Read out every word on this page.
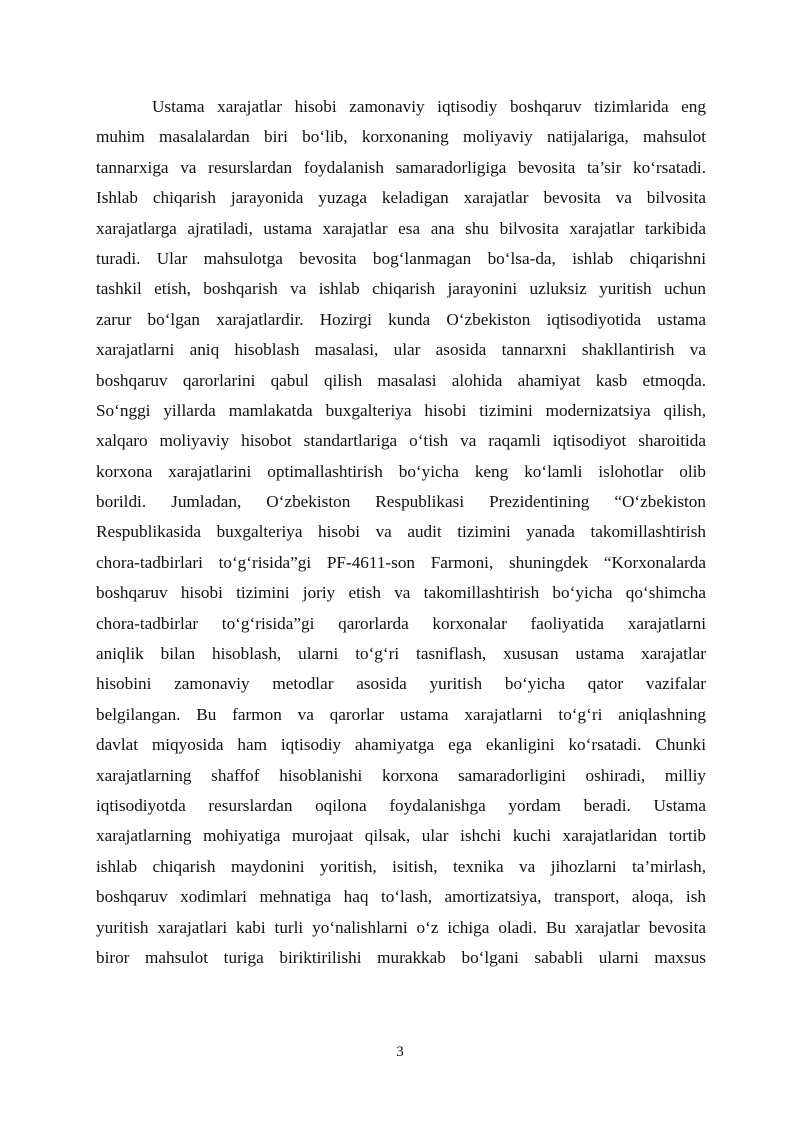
Ustama xarajatlar hisobi zamonaviy iqtisodiy boshqaruv tizimlarida eng
muhim masalalardan biri bo‘lib, korxonaning moliyaviy natijalariga, mahsulot
tannarxiga va resurslardan foydalanish samaradorligiga bevosita ta’sir ko‘rsatadi.
Ishlab chiqarish jarayonida yuzaga keladigan xarajatlar bevosita va bilvosita
xarajatlarga ajratiladi, ustama xarajatlar esa ana shu bilvosita xarajatlar tarkibida
turadi. Ular mahsulotga bevosita bog‘lanmagan bo‘lsa-da, ishlab chiqarishni
tashkil etish, boshqarish va ishlab chiqarish jarayonini uzluksiz yuritish uchun
zarur bo‘lgan xarajatlardir. Hozirgi kunda O‘zbekiston iqtisodiyotida ustama
xarajatlarni aniq hisoblash masalasi, ular asosida tannarxni shakllantirish va
boshqaruv qarorlarini qabul qilish masalasi alohida ahamiyat kasb etmoqda.
So‘nggi yillarda mamlakatda buxgalteriya hisobi tizimini modernizatsiya qilish,
xalqaro moliyaviy hisobot standartlariga o‘tish va raqamli iqtisodiyot sharoitida
korxona xarajatlarini optimallashtirish bo‘yicha keng ko‘lamli islohotlar olib
borildi. Jumladan, O‘zbekiston Respublikasi Prezidentining “O‘zbekiston
Respublikasida buxgalteriya hisobi va audit tizimini yanada takomillashtirish
chora-tadbirlari to‘g‘risida”gi PF-4611-son Farmoni, shuningdek “Korxonalarda
boshqaruv hisobi tizimini joriy etish va takomillashtirish bo‘yicha qo‘shimcha
chora-tadbirlar to‘g‘risida”gi qarorlarda korxonalar faoliyatida xarajatlarni
aniqlik bilan hisoblash, ularni to‘g‘ri tasniflash, xususan ustama xarajatlar
hisobini zamonaviy metodlar asosida yuritish bo‘yicha qator vazifalar
belgilangan. Bu farmon va qarorlar ustama xarajatlarni to‘g‘ri aniqlashning
davlat miqyosida ham iqtisodiy ahamiyatga ega ekanligini ko‘rsatadi. Chunki
xarajatlarning shaffof hisoblanishi korxona samaradorligini oshiradi, milliy
iqtisodiyotda resurslardan oqilona foydalanishga yordam beradi. Ustama
xarajatlarning mohiyatiga murojaat qilsak, ular ishchi kuchi xarajatlaridan tortib
ishlab chiqarish maydonini yoritish, isitish, texnika va jihozlarni ta’mirlash,
boshqaruv xodimlari mehnatiga haq to‘lash, amortizatsiya, transport, aloqa, ish
yuritish xarajatlari kabi turli yo‘nalishlarni o‘z ichiga oladi. Bu xarajatlar bevosita
biror mahsulot turiga biriktirilishi murakkab bo‘lgani sababli ularni maxsus
3
